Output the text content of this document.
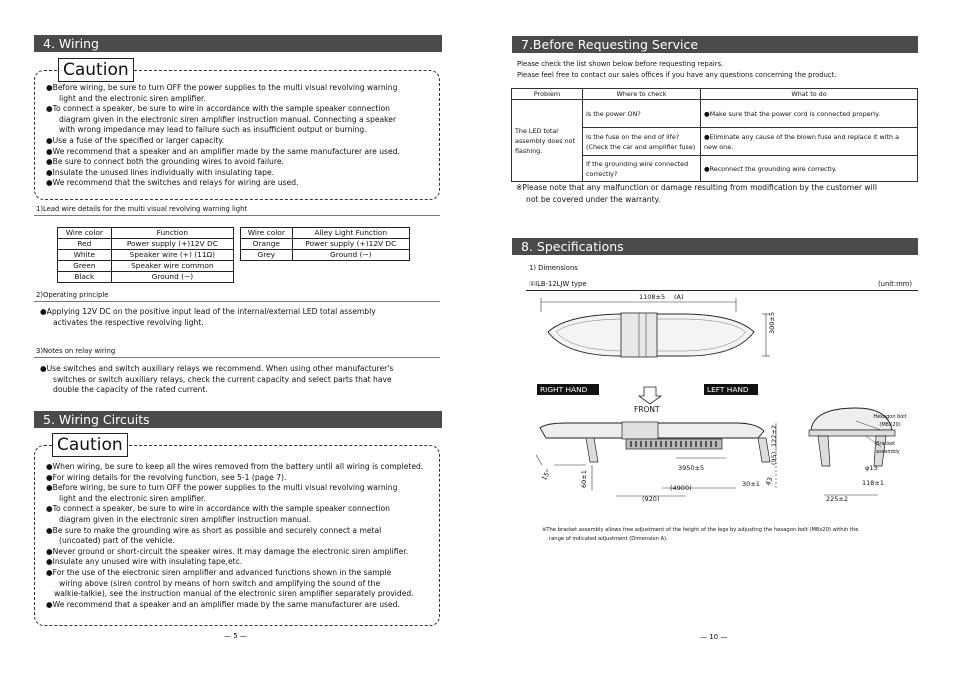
4. Wiring
Caution
●Before wiring, be sure to turn OFF the power supplies to the multi visual revolving warning
light and the electronic siren amplifier.
●To connect a speaker, be sure to wire in accordance with the sample speaker connection
diagram given in the electronic siren amplifier instruction manual. Connecting a speaker
with wrong impedance may lead to failure such as insufficient output or burning.
●Use a fuse of the specified or larger capacity.
●We recommend that a speaker and an amplifier made by the same manufacturer are used.
●Be sure to connect both the grounding wires to avoid failure.
●Insulate the unused lines individually with insulating tape.
●We recommend that the switches and relays for wiring are used.
1)Lead wire details for the multi visual revolving warning light
Wire color	Function
Red	Power supply (+)12V DC
White	Speaker wire (+) (11Ω)
Green	Speaker wire common
Black	Ground (−)
Wire color	Alley Light Function
Orange	Power supply (+)12V DC
Grey	Ground (−)
2)Operating principle
●Applying 12V DC on the positive input lead of the internal/external LED total assembly
activates the respective revolving light.
3)Notes on relay wiring
●Use switches and switch auxiliary relays we recommend. When using other manufacturer's
switches or switch auxiliary relays, check the current capacity and select parts that have
double the capacity of the rated current.
5. Wiring Circuits
Caution
●When wiring, be sure to keep all the wires removed from the battery until all wiring is completed.
●For wiring details for the revolving function, see 5-1 (page 7).
●Before wiring, be sure to turn OFF the power supplies to the multi visual revolving warning
light and the electronic siren amplifier.
●To connect a speaker, be sure to wire in accordance with the sample speaker connection
diagram given in the electronic siren amplifier instruction manual.
●Be sure to make the grounding wire as short as possible and securely connect a metal
(uncoated) part of the vehicle.
●Never ground or short-circuit the speaker wires. It may damage the electronic siren amplifier.
●Insulate any unused wire with insulating tape,etc.
●For the use of the electronic siren amplifier and advanced functions shown in the sample
wiring above (siren control by means of horn switch and amplifying the sound of the
walkie-talkie), see the instruction manual of the electronic siren amplifier separately provided.
●We recommend that a speaker and an amplifier made by the same manufacturer are used.
— 5 —
7.Before Requesting Service
Please check the list shown below before requesting repairs.
Please feel free to contact our sales offices if you have any questions concerning the product.
Problem	Where to check	What to do
The LED total assembly does not flashing.	Is the power ON?	●Make sure that the power cord is connected properly.
	Is the fuse on the end of life? (Check the car and amplifier fuse)	●Eliminate any cause of the blown fuse and replace it with a new one.
	If the grounding wire connected correctly?	●Reconnect the grounding wire correctly.
※Please note that any malfunction or damage resulting from modification by the customer will
not be covered under the warranty.
8. Specifications
1) Dimensions
①ILB-12LJW type	(unit:mm)
1108±5 (A)
300±5
RIGHT HAND	LEFT HAND
FRONT
Hexagon bolt (M8X20)
Bracket assembly
3950±5
(4900)
(920)
60±1
122±2
(95)
30±1 43
15°
φ13
118±1
225±2
※The bracket assembly allows free adjustment of the height of the legs by adjusting the hexagon bolt (M8x20) within the
range of indicated adjustment (Dimension A).
— 10 —
